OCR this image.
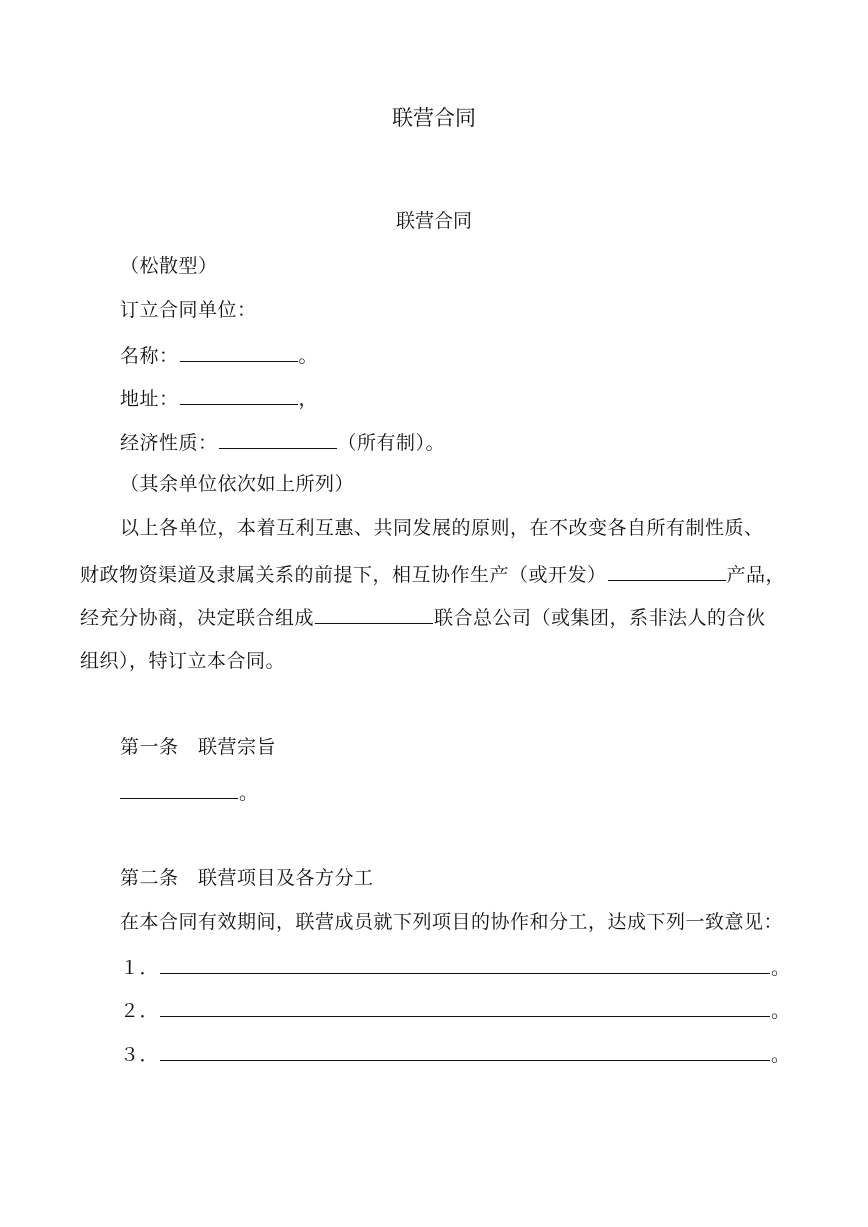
联营合同
联营合同
（松散型）
订立合同单位：
名称：	。
地址：	，
经济性质：	（所有制）。
（其余单位依次如上所列）
以上各单位，本着互利互惠、共同发展的原则，在不改变各自所有制性质、
财政物资渠道及隶属关系的前提下，相互协作生产（或开发）	产品，
经充分协商，决定联合组成	联合总公司（或集团，系非法人的合伙
组织），特订立本合同。
第一条　联营宗旨
。
第二条　联营项目及各方分工
在本合同有效期间，联营成员就下列项目的协作和分工，达成下列一致意见：
１．	。
２．	。
３．	。
